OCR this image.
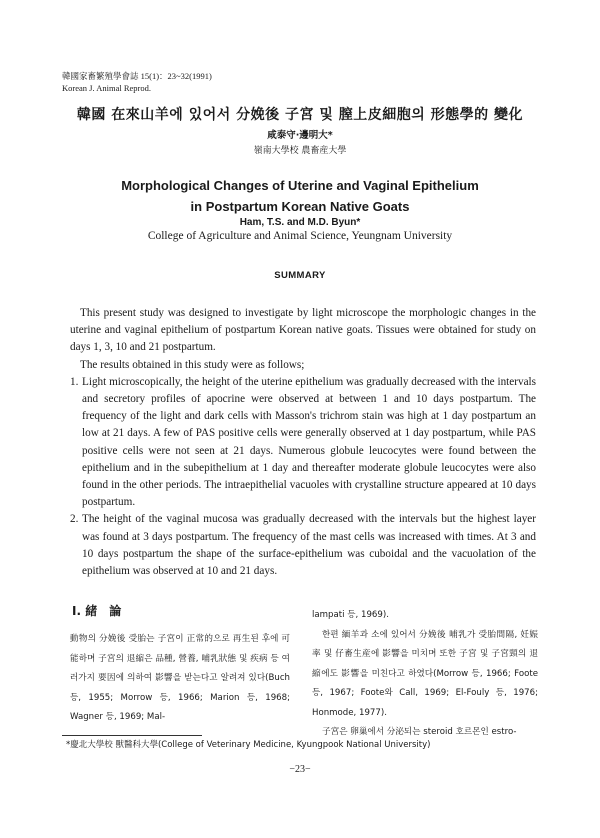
韓國家畜繁殖學會誌 15(1)：23~32(1991)
Korean J. Animal Reprod.
韓國 在來山羊에 있어서 分娩後 子宮 및 膣上皮細胞의 形態學的 變化
咸泰守·邊明大*
嶺南大學校 農畜産大學
Morphological Changes of Uterine and Vaginal Epithelium
in Postpartum Korean Native Goats
Ham, T.S. and M.D. Byun*
College of Agriculture and Animal Science, Yeungnam University
SUMMARY

This present study was designed to investigate by light microscope the morphologic changes in the uterine and vaginal epithelium of postpartum Korean native goats. Tissues were obtained for study on days 1, 3, 10 and 21 postpartum.

The results obtained in this study were as follows;

1. Light microscopically, the height of the uterine epithelium was gradually decreased with the intervals and secretory profiles of apocrine were observed at between 1 and 10 days postpartum. The frequency of the light and dark cells with Masson's trichrom stain was high at 1 day postpartum an low at 21 days. A few of PAS positive cells were generally observed at 1 day postpartum, while PAS positive cells were not seen at 21 days. Numerous globule leucocytes were found between the epithelium and in the subepithelium at 1 day and thereafter moderate globule leucocytes were also found in the other periods. The intraepithelial vacuoles with crystalline structure appeared at 10 days postpartum.
2. The height of the vaginal mucosa was gradually decreased with the intervals but the highest layer was found at 3 days postpartum. The frequency of the mast cells was increased with times. At 3 and 10 days postpartum the shape of the surface-epithelium was cuboidal and the vacuolation of the epithelium was observed at 10 and 21 days.
Ⅰ. 緒　論

動物의 分娩後 受胎는 子宮이 正常的으로 再生된 후에 可能하며 子宮의 退縮은 品種, 營養, 哺乳狀態 및 疾病 등 여러가지 要因에 의하여 影響을 받는다고 알려져 있다(Buch 등, 1955; Morrow 등, 1966; Marion 등, 1968; Wagner 등, 1969; Mal-

lampati 등, 1969).

한편 緬羊과 소에 있어서 分娩後 哺乳가 受胎間隔, 妊娠率 및 仔畜生産에 影響을 미치며 또한 子宮 및 子宮頸의 退縮에도 影響을 미친다고 하였다(Morrow 등, 1966; Foote 등, 1967; Foote와 Call, 1969; El-Fouly 등, 1976; Honmode, 1977).

子宮은 卵巢에서 分泌되는 steroid 호르몬인 estro-

*慶北大學校 獸醫科大學(College of Veterinary Medicine, Kyungpook National University)
−23−
